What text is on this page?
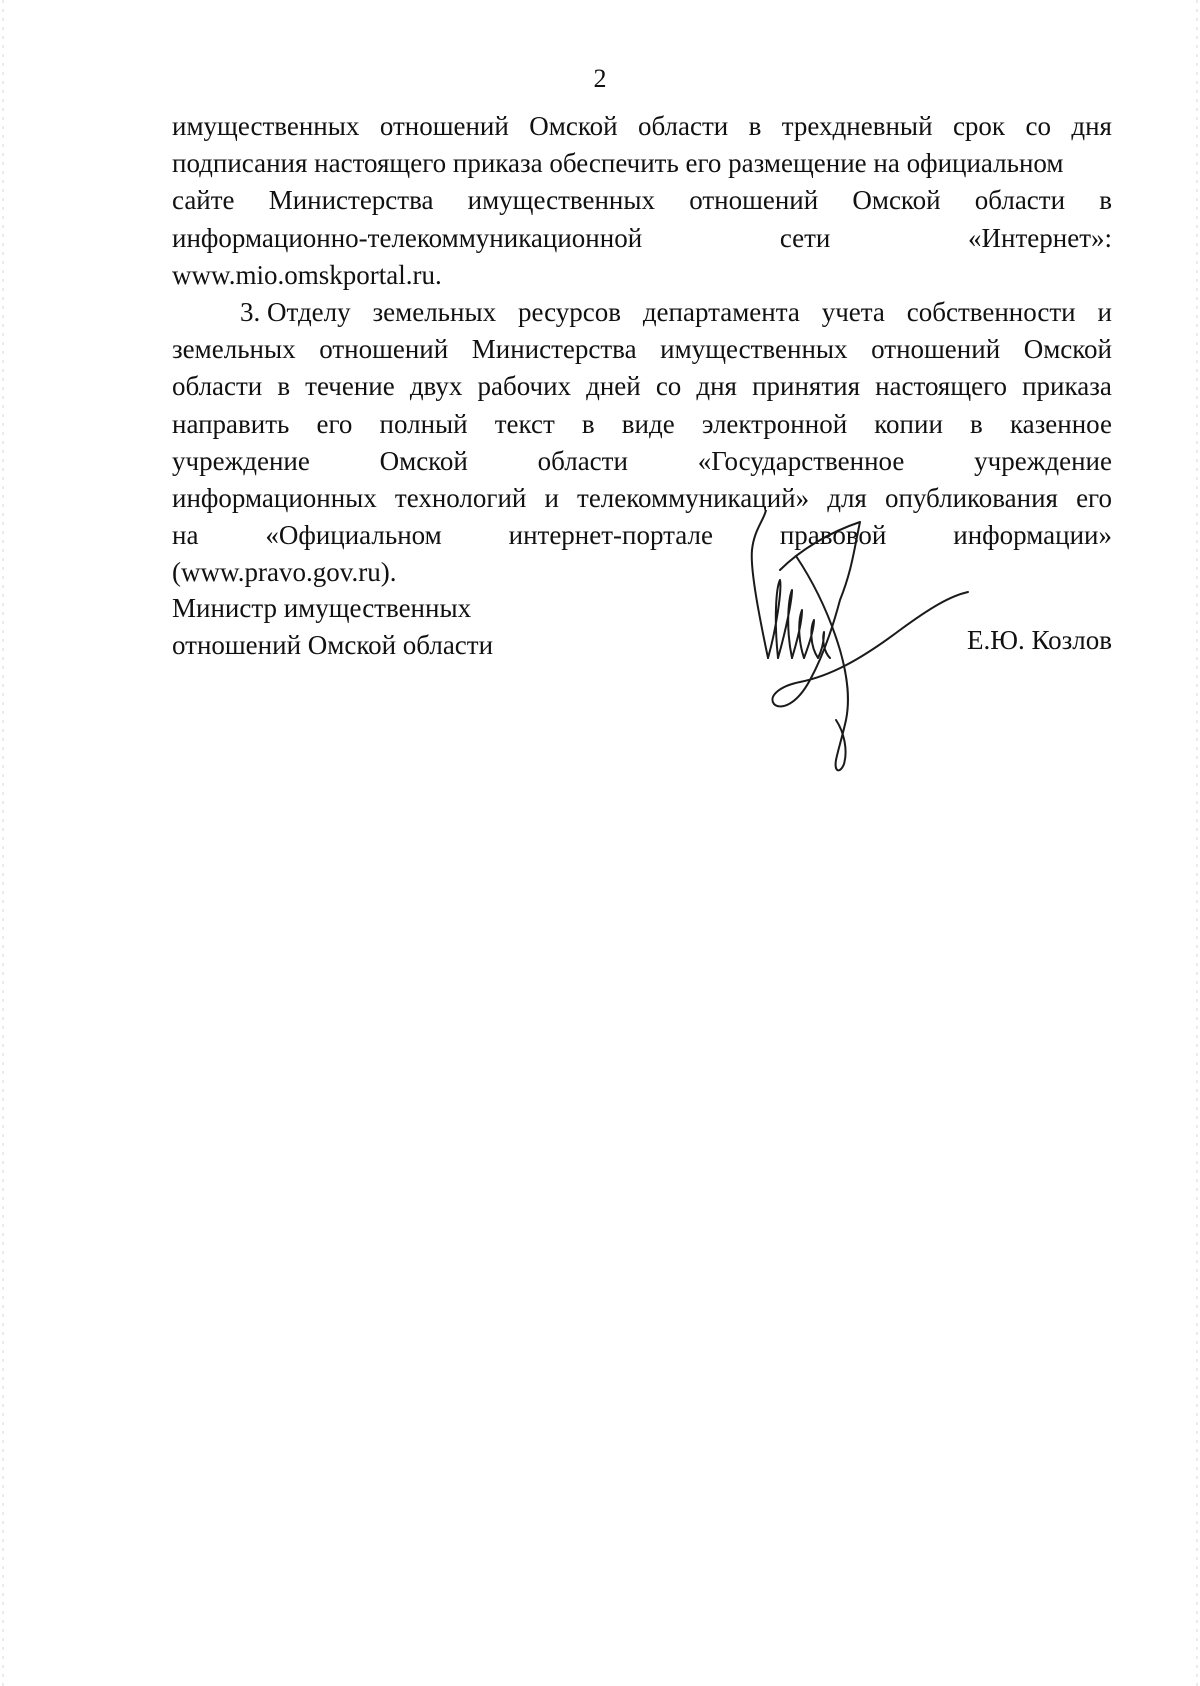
2
имущественных отношений Омской области в трехдневный срок со дня
подписания настоящего приказа обеспечить его размещение на официальном
сайте Министерства имущественных отношений Омской области в
информационно-телекоммуникационной	сети	«Интернет»:
www.mio.omskportal.ru.
3. Отделу земельных ресурсов департамента учета собственности и
земельных отношений Министерства имущественных отношений Омской
области в течение двух рабочих дней со дня принятия настоящего приказа
направить его полный текст в виде электронной копии в казенное
учреждение	Омской	области	«Государственное	учреждение
информационных технологий и телекоммуникаций» для опубликования его
на «Официальном интернет-портале правовой информации»
(www.pravo.gov.ru).
Министр имущественных
отношений Омской области	Е.Ю. Козлов
